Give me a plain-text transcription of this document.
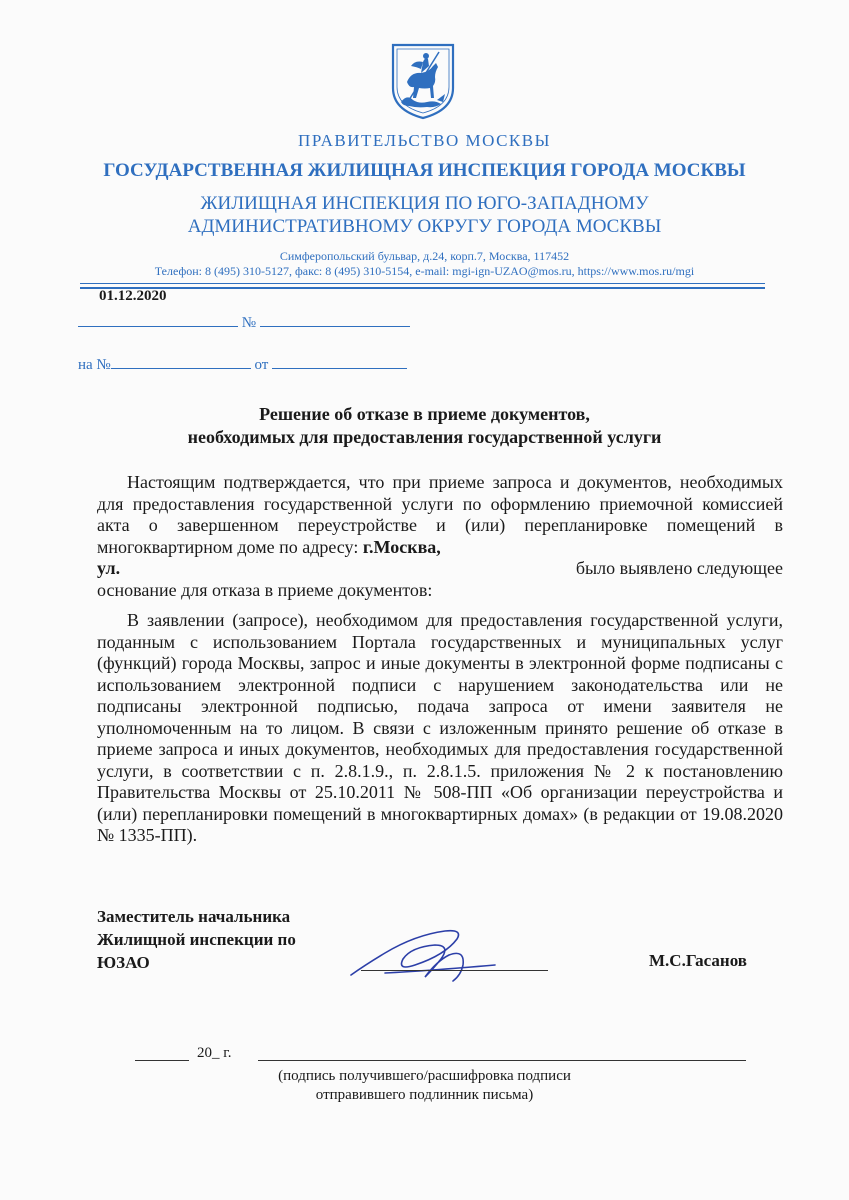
ПРАВИТЕЛЬСТВО МОСКВЫ
ГОСУДАРСТВЕННАЯ ЖИЛИЩНАЯ ИНСПЕКЦИЯ ГОРОДА МОСКВЫ
ЖИЛИЩНАЯ ИНСПЕКЦИЯ ПО ЮГО-ЗАПАДНОМУ
АДМИНИСТРАТИВНОМУ ОКРУГУ ГОРОДА МОСКВЫ
Симферопольский бульвар, д.24, корп.7, Москва, 117452
Телефон: 8 (495) 310-5127, факс: 8 (495) 310-5154, e-mail: mgi-ign-UZAO@mos.ru, https://www.mos.ru/mgi
01.12.2020
№
на №	от
Решение об отказе в приеме документов,
необходимых для предоставления государственной услуги
Настоящим подтверждается, что при приеме запроса и документов, необходимых для предоставления государственной услуги по оформлению приемочной комиссией акта о завершенном переустройстве и (или) перепланировке помещений в многоквартирном доме по адресу: г.Москва,
ул.	было выявлено следующее
основание для отказа в приеме документов:
В заявлении (запросе), необходимом для предоставления государственной услуги, поданным с использованием Портала государственных и муниципальных услуг (функций) города Москвы, запрос и иные документы в электронной форме подписаны с использованием электронной подписи с нарушением законодательства или не подписаны электронной подписью, подача запроса от имени заявителя не уполномоченным на то лицом. В связи с изложенным принято решение об отказе в приеме запроса и иных документов, необходимых для предоставления государственной услуги, в соответствии с п. 2.8.1.9., п. 2.8.1.5. приложения № 2 к постановлению Правительства Москвы от 25.10.2011 № 508-ПП «Об организации переустройства и (или) перепланировки помещений в многоквартирных домах» (в редакции от 19.08.2020 № 1335-ПП).
Заместитель начальника
Жилищной инспекции по
ЮЗАО	М.С.Гасанов
20_ г.
(подпись получившего/расшифровка подписи
отправившего подлинник письма)
